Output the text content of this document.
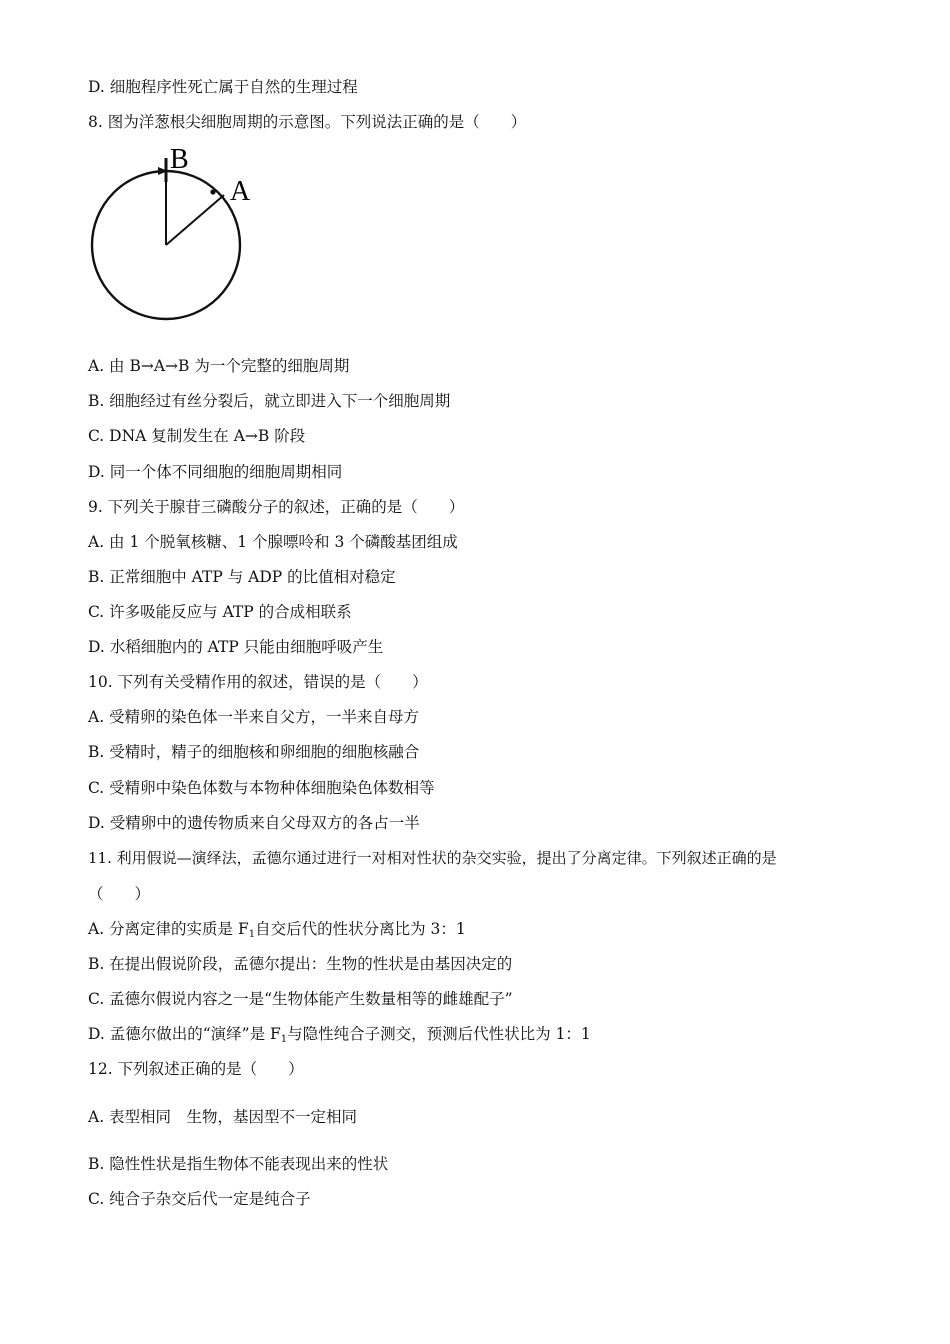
D. 细胞程序性死亡属于自然的生理过程
8. 图为洋葱根尖细胞周期的示意图。下列说法正确的是（　　）
B
A
A. 由 B→A→B 为一个完整的细胞周期
B. 细胞经过有丝分裂后，就立即进入下一个细胞周期
C. DNA 复制发生在 A→B 阶段
D. 同一个体不同细胞的细胞周期相同
9. 下列关于腺苷三磷酸分子的叙述，正确的是（　　）
A. 由 1 个脱氧核糖、1 个腺嘌呤和 3 个磷酸基团组成
B. 正常细胞中 ATP 与 ADP 的比值相对稳定
C. 许多吸能反应与 ATP 的合成相联系
D. 水稻细胞内的 ATP 只能由细胞呼吸产生
10. 下列有关受精作用的叙述，错误的是（　　）
A. 受精卵的染色体一半来自父方，一半来自母方
B. 受精时，精子的细胞核和卵细胞的细胞核融合
C. 受精卵中染色体数与本物种体细胞染色体数相等
D. 受精卵中的遗传物质来自父母双方的各占一半
11. 利用假说—演绎法，孟德尔通过进行一对相对性状的杂交实验，提出了分离定律。下列叙述正确的是
（　　）
A. 分离定律的实质是 $F_1$自交后代的性状分离比为 3：1
B. 在提出假说阶段，孟德尔提出：生物的性状是由基因决定的
C. 孟德尔假说内容之一是“生物体能产生数量相等的雌雄配子”
D. 孟德尔做出的“演绎”是 $F_1$与隐性纯合子测交，预测后代性状比为 1：1
12. 下列叙述正确的是（　　）
A. 表型相同　生物，基因型不一定相同
B. 隐性性状是指生物体不能表现出来的性状
C. 纯合子杂交后代一定是纯合子
